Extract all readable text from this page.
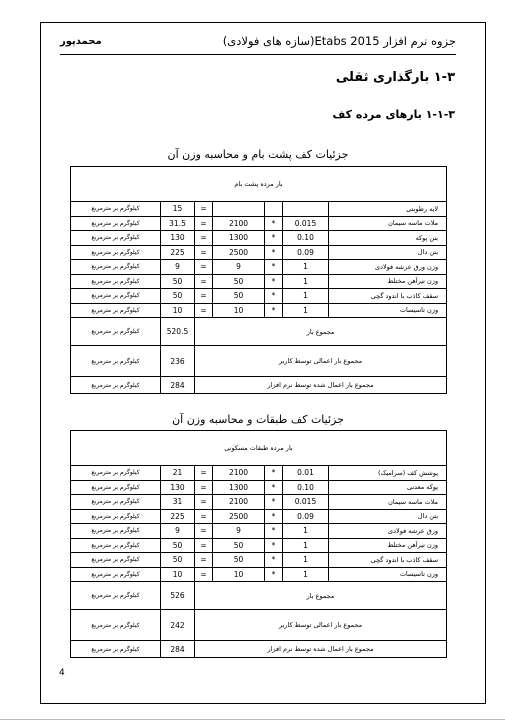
جزوه نرم افزار Etabs 2015(سازه های فولادی)
محمدپور
۱-۳ بارگذاری ثقلی
۱-۱-۳ بارهای مرده کف
جزئیات کف پشت بام و محاسبه وزن آن
بار مرده پشت بام						
کیلوگرم بر مترمربع	15	=				لایه رطوبتی
کیلوگرم بر مترمربع	31.5	=	2100	*	0.015	ملات ماسه سیمان
کیلوگرم بر مترمربع	130	=	1300	*	0.10	بتن پوکه
کیلوگرم بر مترمربع	225	=	2500	*	0.09	بتن دال
کیلوگرم بر مترمربع	9	=	9	*	1	وزن ورق عرشه فولادی
کیلوگرم بر مترمربع	50	=	50	*	1	وزن تیرآهن مختلط
کیلوگرم بر مترمربع	50	=	50	*	1	سقف کاذب با اندود گچی
کیلوگرم بر مترمربع	10	=	10	*	1	وزن تاسیسات
کیلوگرم بر مترمربع	520.5	مجموع بار				
کیلوگرم بر مترمربع	236	مجموع بار اعمالی توسط کاربر				
کیلوگرم بر مترمربع	284	مجموع بار اعمال شده توسط نرم افزار				
جزئیات کف طبقات و محاسبه وزن آن
بار مرده طبقات مسکونی						
کیلوگرم بر مترمربع	21	=	2100	*	0.01	پوشش کف (سرامیک)
کیلوگرم بر مترمربع	130	=	1300	*	0.10	پوکه معدنی
کیلوگرم بر مترمربع	31	=	2100	*	0.015	ملات ماسه سیمان
کیلوگرم بر مترمربع	225	=	2500	*	0.09	بتن دال
کیلوگرم بر مترمربع	9	=	9	*	1	ورق عرشه فولادی
کیلوگرم بر مترمربع	50	=	50	*	1	وزن تیرآهن مختلط
کیلوگرم بر مترمربع	50	=	50	*	1	سقف کاذب با اندود گچی
کیلوگرم بر مترمربع	10	=	10	*	1	وزن تاسیسات
کیلوگرم بر مترمربع	526	مجموع بار				
کیلوگرم بر مترمربع	242	مجموع بار اعمالی توسط کاربر				
کیلوگرم بر مترمربع	284	مجموع بار اعمال شده توسط نرم افزار				
4
